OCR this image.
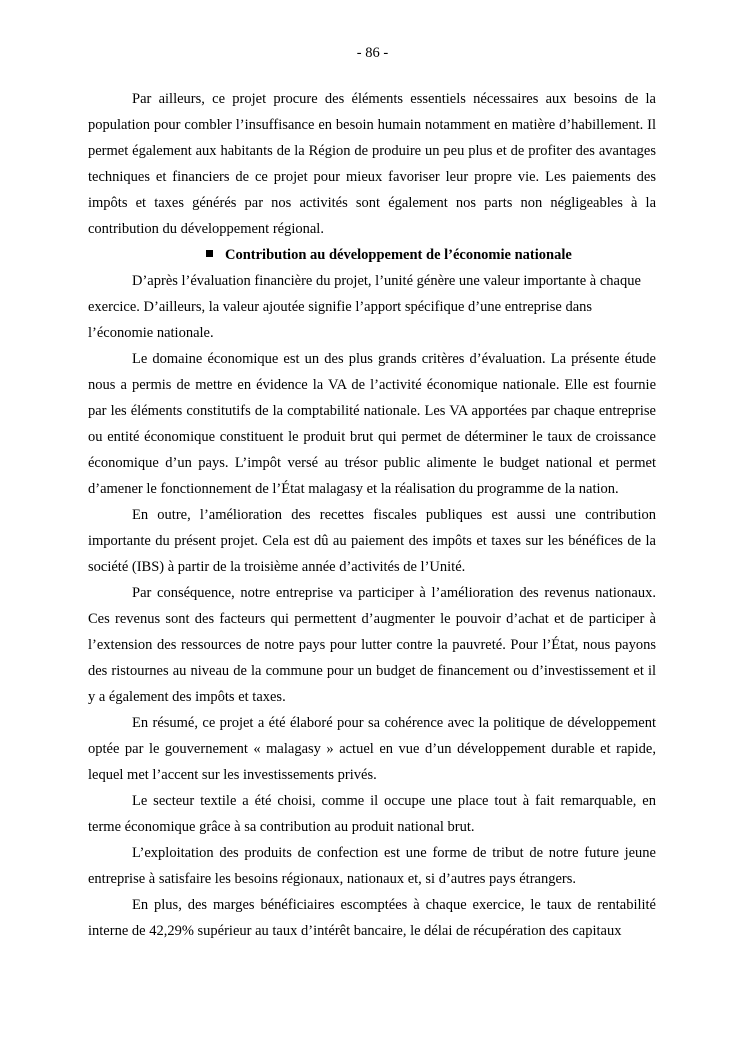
- 86 -

Par ailleurs, ce projet procure des éléments essentiels nécessaires aux besoins de la population pour combler l’insuffisance en besoin humain notamment en matière d’habillement. Il permet également aux habitants de la Région de produire un peu plus et de profiter des avantages techniques et financiers de ce projet pour mieux favoriser leur propre vie. Les paiements des impôts et taxes générés par nos activités sont également nos parts non négligeables à la contribution du développement régional.

Contribution au développement de l’économie nationale

D’après l’évaluation financière du projet, l’unité génère une valeur importante à chaque exercice. D’ailleurs, la valeur ajoutée signifie l’apport spécifique d’une entreprise dans l’économie nationale.

Le domaine économique est un des plus grands critères d’évaluation. La présente étude nous a permis de mettre en évidence la VA de l’activité économique nationale. Elle est fournie par les éléments constitutifs de la comptabilité nationale. Les VA apportées par chaque entreprise ou entité économique constituent le produit brut qui permet de déterminer le taux de croissance économique d’un pays. L’impôt versé au trésor public alimente le budget national et permet d’amener le fonctionnement de l’État malagasy et la réalisation du programme de la nation.

En outre, l’amélioration des recettes fiscales publiques est aussi une contribution importante du présent projet. Cela est dû au paiement des impôts et taxes sur les bénéfices de la société (IBS) à partir de la troisième année d’activités de l’Unité.

Par conséquence, notre entreprise va participer à l’amélioration des revenus nationaux. Ces revenus sont des facteurs qui permettent d’augmenter le pouvoir d’achat et de participer à l’extension des ressources de notre pays pour lutter contre la pauvreté. Pour l’État, nous payons des ristournes au niveau de la commune pour un budget de financement ou d’investissement et il y a également des impôts et taxes.

En résumé, ce projet a été élaboré pour sa cohérence avec la politique de développement optée par le gouvernement « malagasy » actuel en vue d’un développement durable et rapide, lequel met l’accent sur les investissements privés.

Le secteur textile a été choisi, comme il occupe une place tout à fait remarquable, en terme économique grâce à sa contribution au produit national brut.

L’exploitation des produits de confection est une forme de tribut de notre future jeune entreprise à satisfaire les besoins régionaux, nationaux et, si d’autres pays étrangers.

En plus, des marges bénéficiaires escomptées à chaque exercice, le taux de rentabilité interne de 42,29% supérieur au taux d’intérêt bancaire, le délai de récupération des capitaux
